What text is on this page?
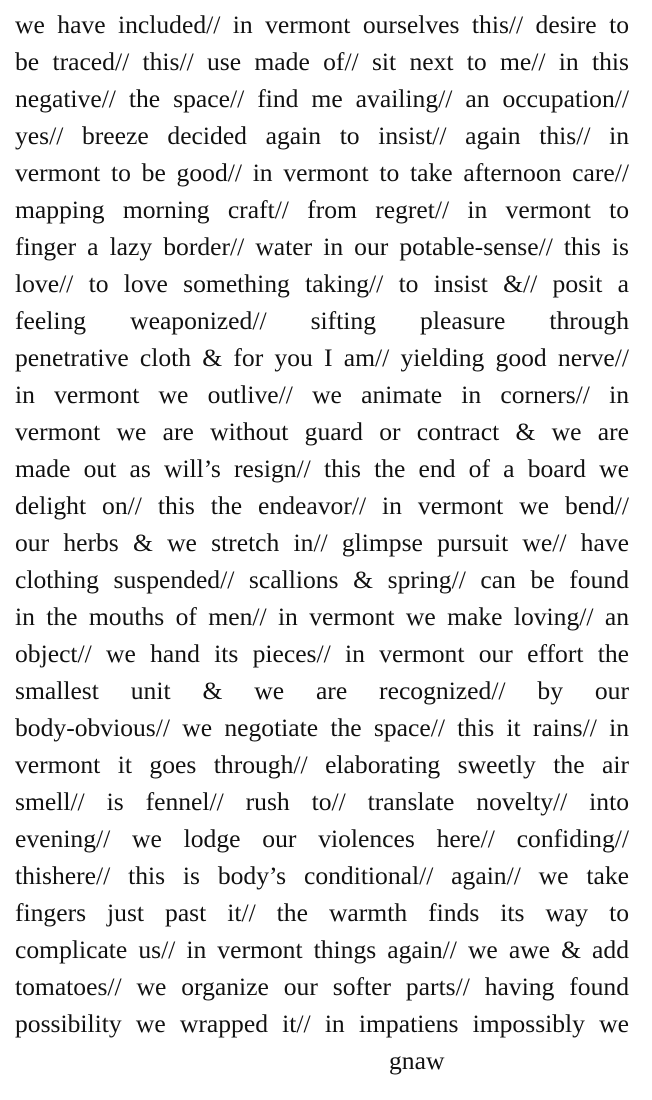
we have included// in vermont ourselves this// desire to
be traced// this// use made of// sit next to me// in this
negative// the space// find me availing// an occupation//
yes// breeze decided again to insist// again this// in
vermont to be good// in vermont to take afternoon care//
mapping morning craft// from regret// in vermont to
finger a lazy border// water in our potable-sense// this is
love// to love something taking// to insist &// posit a
feeling weaponized// sifting pleasure through
penetrative cloth & for you I am// yielding good nerve//
in vermont we outlive// we animate in corners// in
vermont we are without guard or contract & we are
made out as will’s resign// this the end of a board we
delight on// this the endeavor// in vermont we bend//
our herbs & we stretch in// glimpse pursuit we// have
clothing suspended// scallions & spring// can be found
in the mouths of men// in vermont we make loving// an
object// we hand its pieces// in vermont our effort the
smallest unit & we are recognized// by our
body-obvious// we negotiate the space// this it rains// in
vermont it goes through// elaborating sweetly the air
smell// is fennel// rush to// translate novelty// into
evening// we lodge our violences here// confiding//
thishere// this is body’s conditional// again// we take
fingers just past it// the warmth finds its way to
complicate us// in vermont things again// we awe & add
tomatoes// we organize our softer parts// having found
possibility we wrapped it// in impatiens impossibly we
gnaw
